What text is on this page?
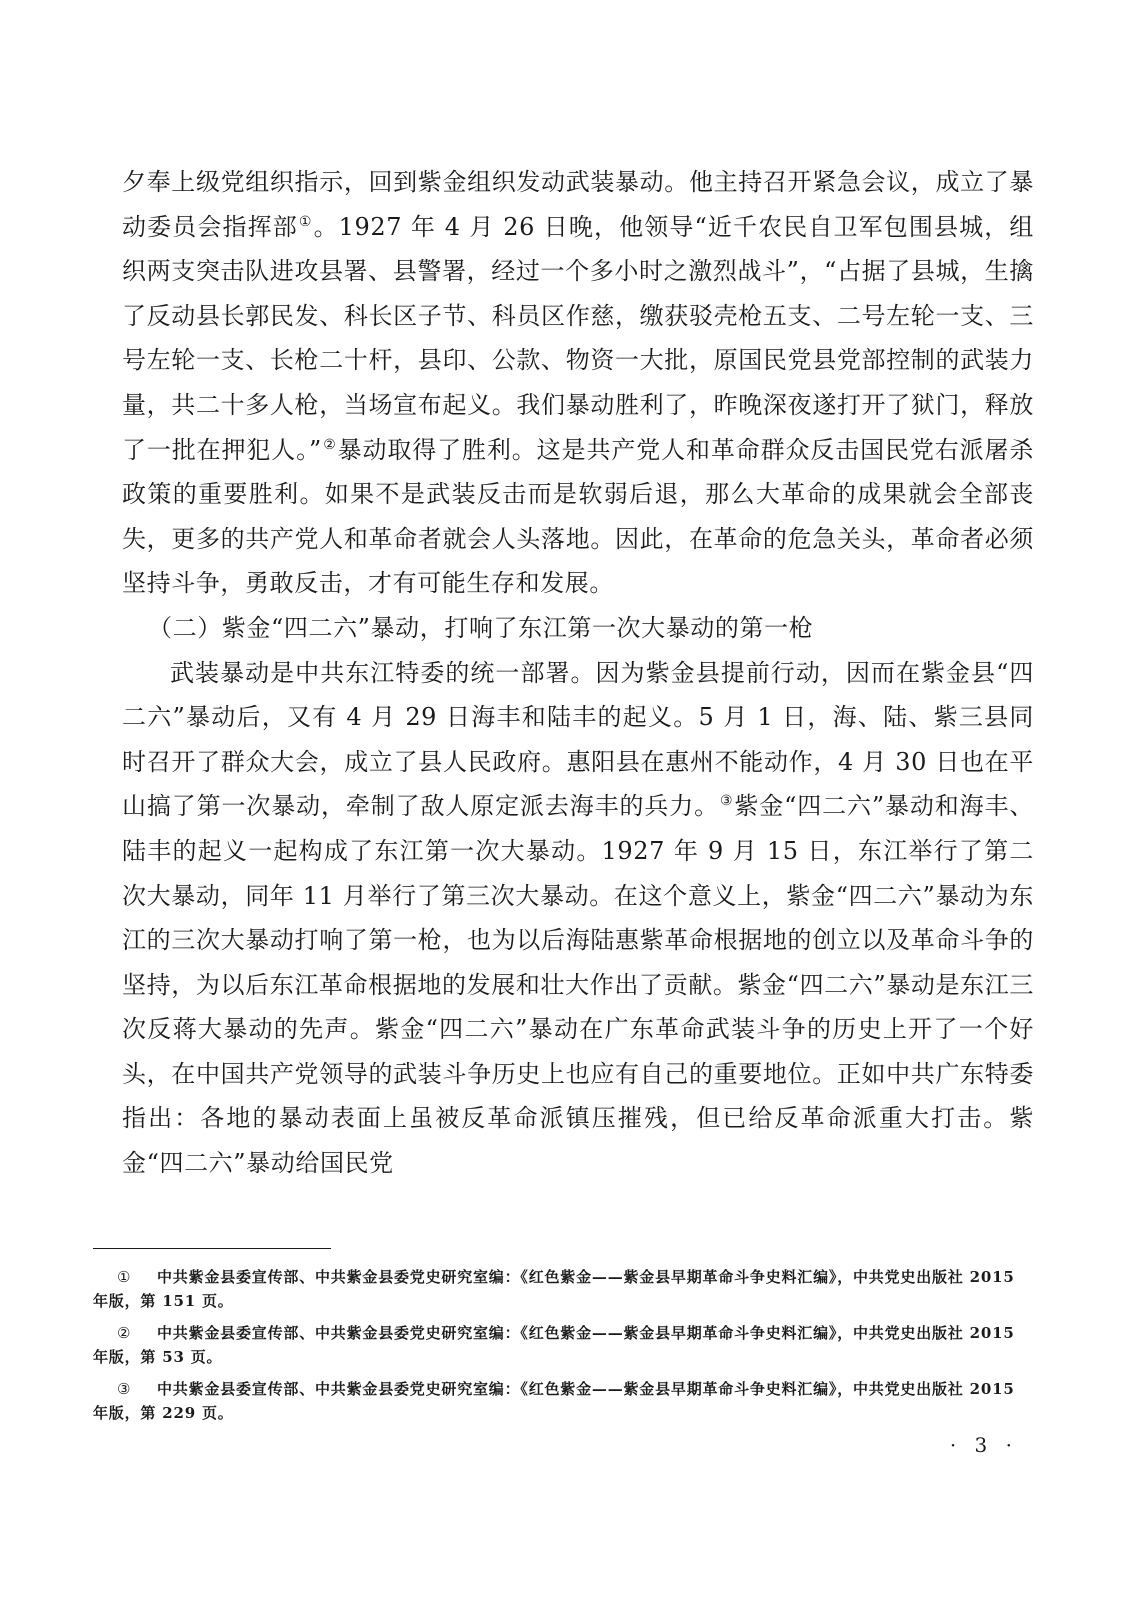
夕奉上级党组织指示，回到紫金组织发动武装暴动。他主持召开紧急会议，成立了暴动委员会指挥部①。1927 年 4 月 26 日晚，他领导“近千农民自卫军包围县城，组织两支突击队进攻县署、县警署，经过一个多小时之激烈战斗”，“占据了县城，生擒了反动县长郭民发、科长区子节、科员区作慈，缴获驳壳枪五支、二号左轮一支、三号左轮一支、长枪二十杆，县印、公款、物资一大批，原国民党县党部控制的武装力量，共二十多人枪，当场宣布起义。我们暴动胜利了，昨晚深夜遂打开了狱门，释放了一批在押犯人。”②暴动取得了胜利。这是共产党人和革命群众反击国民党右派屠杀政策的重要胜利。如果不是武装反击而是软弱后退，那么大革命的成果就会全部丧失，更多的共产党人和革命者就会人头落地。因此，在革命的危急关头，革命者必须坚持斗争，勇敢反击，才有可能生存和发展。

（二）紫金“四二六”暴动，打响了东江第一次大暴动的第一枪

武装暴动是中共东江特委的统一部署。因为紫金县提前行动，因而在紫金县“四二六”暴动后，又有 4 月 29 日海丰和陆丰的起义。5 月 1 日，海、陆、紫三县同时召开了群众大会，成立了县人民政府。惠阳县在惠州不能动作，4 月 30 日也在平山搞了第一次暴动，牵制了敌人原定派去海丰的兵力。③紫金“四二六”暴动和海丰、陆丰的起义一起构成了东江第一次大暴动。1927 年 9 月 15 日，东江举行了第二次大暴动，同年 11 月举行了第三次大暴动。在这个意义上，紫金“四二六”暴动为东江的三次大暴动打响了第一枪，也为以后海陆惠紫革命根据地的创立以及革命斗争的坚持，为以后东江革命根据地的发展和壮大作出了贡献。紫金“四二六”暴动是东江三次反蒋大暴动的先声。紫金“四二六”暴动在广东革命武装斗争的历史上开了一个好头，在中国共产党领导的武装斗争历史上也应有自己的重要地位。正如中共广东特委指出：各地的暴动表面上虽被反革命派镇压摧残，但已给反革命派重大打击。紫金“四二六”暴动给国民党

① 中共紫金县委宣传部、中共紫金县委党史研究室编：《红色紫金——紫金县早期革命斗争史料汇编》，中共党史出版社 2015 年版，第 151 页。

② 中共紫金县委宣传部、中共紫金县委党史研究室编：《红色紫金——紫金县早期革命斗争史料汇编》，中共党史出版社 2015 年版，第 53 页。

③ 中共紫金县委宣传部、中共紫金县委党史研究室编：《红色紫金——紫金县早期革命斗争史料汇编》，中共党史出版社 2015 年版，第 229 页。

· 3 ·
